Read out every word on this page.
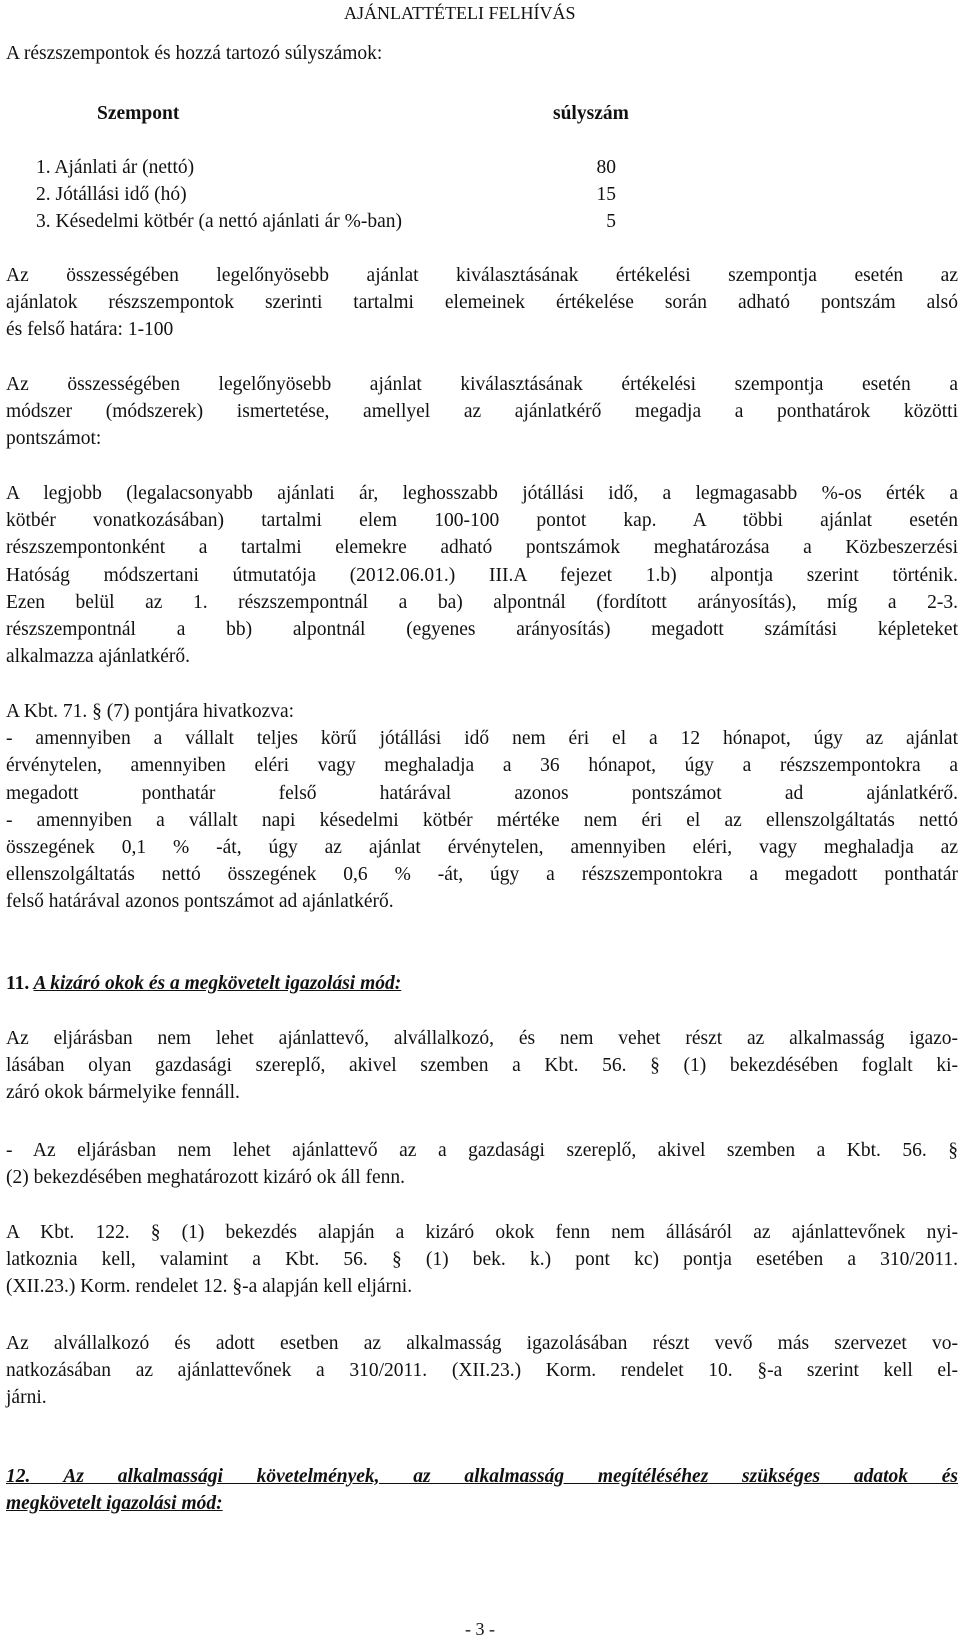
AJÁNLATTÉTELI FELHÍVÁS
A részszempontok és hozzá tartozó súlyszámok:
Szempont	súlyszám
1. Ajánlati ár (nettó)	80
2. Jótállási idő (hó)	15
3. Késedelmi kötbér (a nettó ajánlati ár %-ban)	5

Az összességében legelőnyösebb ajánlat kiválasztásának értékelési szempontja esetén az

ajánlatok részszempontok szerinti tartalmi elemeinek értékelése során adható pontszám alsó

és felső határa: 1-100

Az összességében legelőnyösebb ajánlat kiválasztásának értékelési szempontja esetén a

módszer (módszerek) ismertetése, amellyel az ajánlatkérő megadja a ponthatárok közötti

pontszámot:

A legjobb (legalacsonyabb ajánlati ár, leghosszabb jótállási idő, a legmagasabb %-os érték a

kötbér vonatkozásában) tartalmi elem 100-100 pontot kap. A többi ajánlat esetén

részszempontonként a tartalmi elemekre adható pontszámok meghatározása a Közbeszerzési

Hatóság módszertani útmutatója (2012.06.01.) III.A fejezet 1.b) alpontja szerint történik.

Ezen belül az 1. részszempontnál a ba) alpontnál (fordított arányosítás), míg a 2-3.

részszempontnál a bb) alpontnál (egyenes arányosítás) megadott számítási képleteket

alkalmazza ajánlatkérő.

A Kbt. 71. § (7) pontjára hivatkozva:

- amennyiben a vállalt teljes körű jótállási idő nem éri el a 12 hónapot, úgy az ajánlat

érvénytelen, amennyiben eléri vagy meghaladja a 36 hónapot, úgy a részszempontokra a

megadott ponthatár felső határával azonos pontszámot ad ajánlatkérő.

- amennyiben a vállalt napi késedelmi kötbér mértéke nem éri el az ellenszolgáltatás nettó

összegének 0,1 % -át, úgy az ajánlat érvénytelen, amennyiben eléri, vagy meghaladja az

ellenszolgáltatás nettó összegének 0,6 % -át, úgy a részszempontokra a megadott ponthatár

felső határával azonos pontszámot ad ajánlatkérő.

11. A kizáró okok és a megkövetelt igazolási mód:

Az eljárásban nem lehet ajánlattevő, alvállalkozó, és nem vehet részt az alkalmasság igazo-

lásában olyan gazdasági szereplő, akivel szemben a Kbt. 56. § (1) bekezdésében foglalt ki-

záró okok bármelyike fennáll.

- Az eljárásban nem lehet ajánlattevő az a gazdasági szereplő, akivel szemben a Kbt. 56. §

(2) bekezdésében meghatározott kizáró ok áll fenn.

A Kbt. 122. § (1) bekezdés alapján a kizáró okok fenn nem állásáról az ajánlattevőnek nyi-

latkoznia kell, valamint a Kbt. 56. § (1) bek. k.) pont kc) pontja esetében a 310/2011.

(XII.23.) Korm. rendelet 12. §-a alapján kell eljárni.

Az alvállalkozó és adott esetben az alkalmasság igazolásában részt vevő más szervezet vo-

natkozásában az ajánlattevőnek a 310/2011. (XII.23.) Korm. rendelet 10. §-a szerint kell el-

járni.

12. Az alkalmassági követelmények, az alkalmasság megítéléséhez szükséges adatok és

megkövetelt igazolási mód:

- 3 -
